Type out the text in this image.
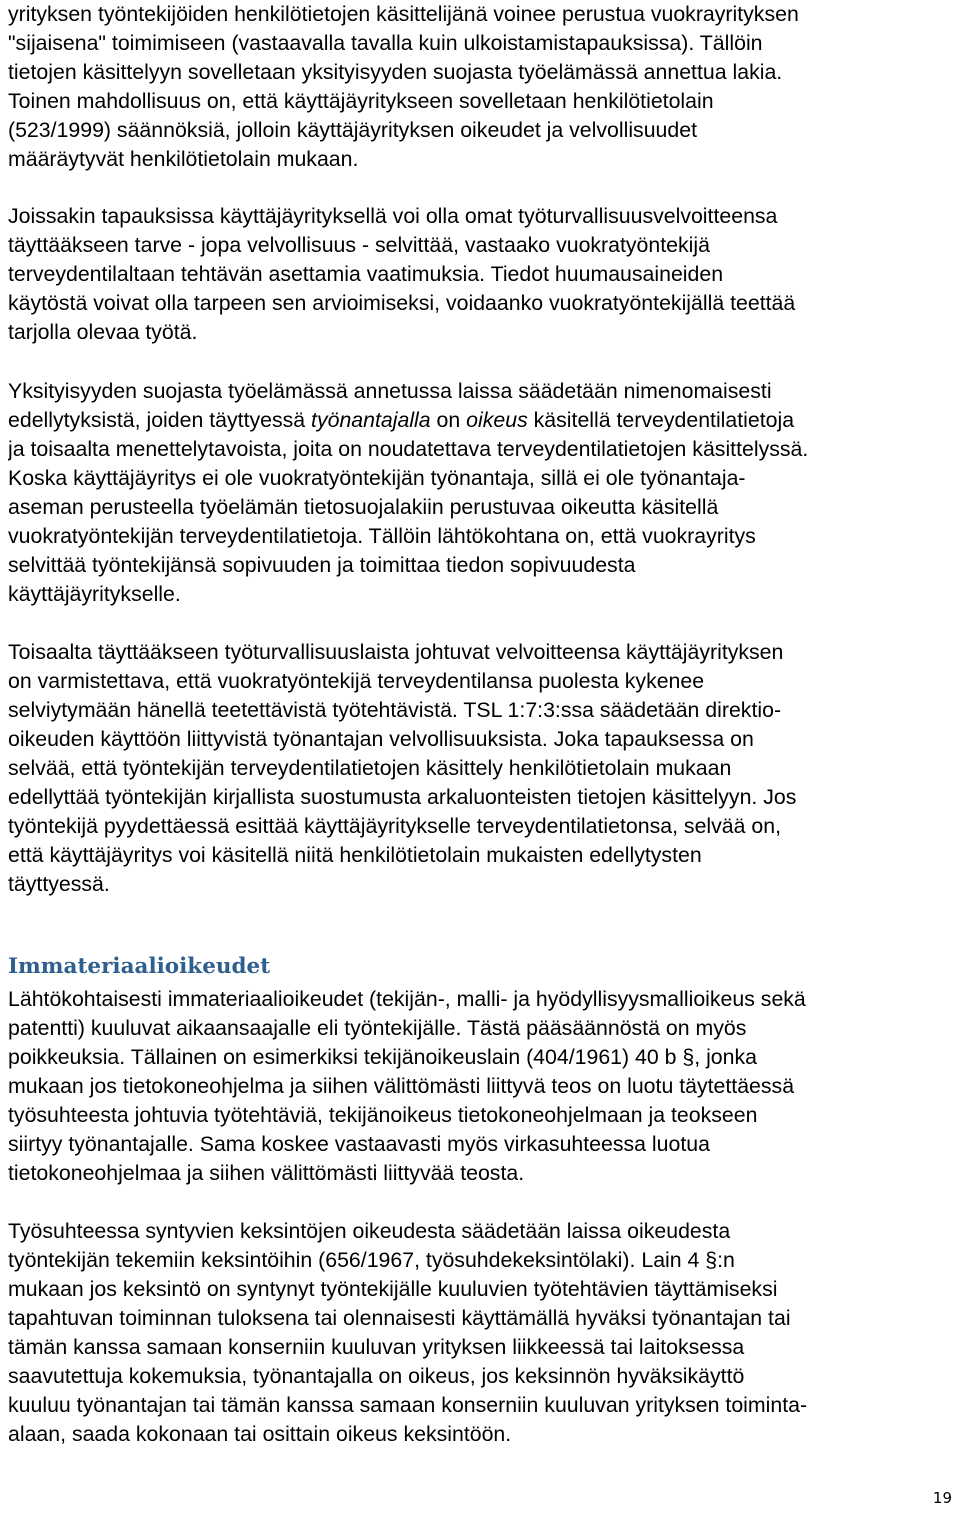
yrityksen työntekijöiden henkilötietojen käsittelijänä voinee perustua vuokrayrityksen
"sijaisena" toimimiseen (vastaavalla tavalla kuin ulkoistamistapauksissa). Tällöin
tietojen käsittelyyn sovelletaan yksityisyyden suojasta työelämässä annettua lakia.
Toinen mahdollisuus on, että käyttäjäyritykseen sovelletaan henkilötietolain
(523/1999) säännöksiä, jolloin käyttäjäyrityksen oikeudet ja velvollisuudet
määräytyvät henkilötietolain mukaan.
Joissakin tapauksissa käyttäjäyrityksellä voi olla omat työturvallisuusvelvoitteensa
täyttääkseen tarve - jopa velvollisuus - selvittää, vastaako vuokratyöntekijä
terveydentilaltaan tehtävän asettamia vaatimuksia. Tiedot huumausaineiden
käytöstä voivat olla tarpeen sen arvioimiseksi, voidaanko vuokratyöntekijällä teettää
tarjolla olevaa työtä.
Yksityisyyden suojasta työelämässä annetussa laissa säädetään nimenomaisesti
edellytyksistä, joiden täyttyessä työnantajalla on oikeus käsitellä terveydentilatietoja
ja toisaalta menettelytavoista, joita on noudatettava terveydentilatietojen käsittelyssä.
Koska käyttäjäyritys ei ole vuokratyöntekijän työnantaja, sillä ei ole työnantaja-
aseman perusteella työelämän tietosuojalakiin perustuvaa oikeutta käsitellä
vuokratyöntekijän terveydentilatietoja. Tällöin lähtökohtana on, että vuokrayritys
selvittää työntekijänsä sopivuuden ja toimittaa tiedon sopivuudesta
käyttäjäyritykselle.
Toisaalta täyttääkseen työturvallisuuslaista johtuvat velvoitteensa käyttäjäyrityksen
on varmistettava, että vuokratyöntekijä terveydentilansa puolesta kykenee
selviytymään hänellä teetettävistä työtehtävistä. TSL 1:7:3:ssa säädetään direktio-
oikeuden käyttöön liittyvistä työnantajan velvollisuuksista. Joka tapauksessa on
selvää, että työntekijän terveydentilatietojen käsittely henkilötietolain mukaan
edellyttää työntekijän kirjallista suostumusta arkaluonteisten tietojen käsittelyyn. Jos
työntekijä pyydettäessä esittää käyttäjäyritykselle terveydentilatietonsa, selvää on,
että käyttäjäyritys voi käsitellä niitä henkilötietolain mukaisten edellytysten
täyttyessä.
Immateriaalioikeudet
Lähtökohtaisesti immateriaalioikeudet (tekijän-, malli- ja hyödyllisyysmallioikeus sekä
patentti) kuuluvat aikaansaajalle eli työntekijälle. Tästä pääsäännöstä on myös
poikkeuksia. Tällainen on esimerkiksi tekijänoikeuslain (404/1961) 40 b §, jonka
mukaan jos tietokoneohjelma ja siihen välittömästi liittyvä teos on luotu täytettäessä
työsuhteesta johtuvia työtehtäviä, tekijänoikeus tietokoneohjelmaan ja teokseen
siirtyy työnantajalle. Sama koskee vastaavasti myös virkasuhteessa luotua
tietokoneohjelmaa ja siihen välittömästi liittyvää teosta.
Työsuhteessa syntyvien keksintöjen oikeudesta säädetään laissa oikeudesta
työntekijän tekemiin keksintöihin (656/1967, työsuhdekeksintölaki). Lain 4 §:n
mukaan jos keksintö on syntynyt työntekijälle kuuluvien työtehtävien täyttämiseksi
tapahtuvan toiminnan tuloksena tai olennaisesti käyttämällä hyväksi työnantajan tai
tämän kanssa samaan konserniin kuuluvan yrityksen liikkeessä tai laitoksessa
saavutettuja kokemuksia, työnantajalla on oikeus, jos keksinnön hyväksikäyttö
kuuluu työnantajan tai tämän kanssa samaan konserniin kuuluvan yrityksen toiminta-
alaan, saada kokonaan tai osittain oikeus keksintöön.
19
